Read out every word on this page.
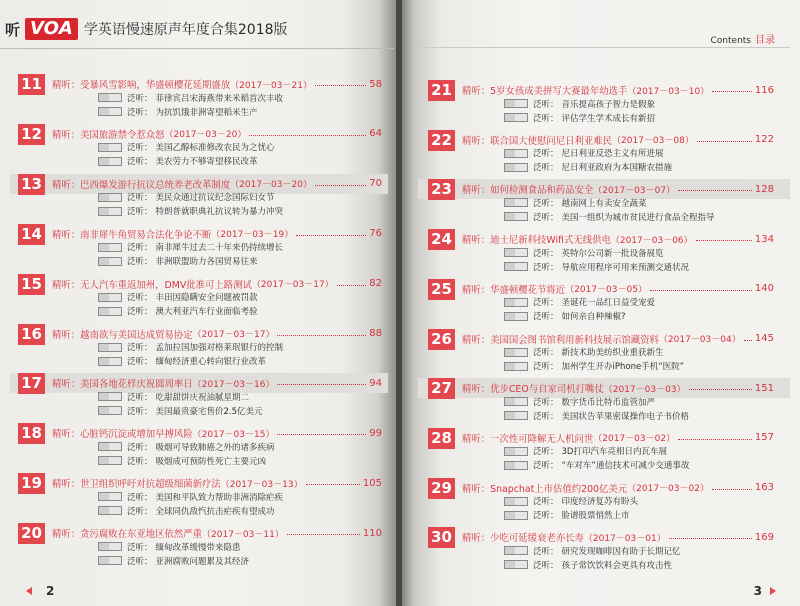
听 VOA 学英语慢速原声年度合集2018版
2
11	精听： 受暴风雪影响，华盛顿樱花延期盛放 （2017－03－21）	58
泛听： 菲律宾吕宋海燕带来米稻首次丰收
泛听： 为抗饥饿非洲寄望稻米生产
12	精听： 美国旅游禁令惹众怒 （2017－03－20）	64
泛听： 美国乙醇标准修改农民为之忧心
泛听： 美农劳力不够寄望移民改革
13	精听： 巴西爆发游行抗议总统养老改革制度 （2017－03－20）	70
泛听： 美民众通过抗议纪念国际妇女节
泛听： 特朗普就职典礼抗议转为暴力冲突
14	精听： 南非犀牛角贸易合法化争论不断 （2017－03－19）	76
泛听： 南非犀牛过去二十年来仍持续增长
泛听： 非洲联盟助力各国贸易往来
15	精听： 无人汽车重返加州，DMV批准可上路测试 （2017－03－17）	82
泛听： 丰田因隐瞒安全问题被罚款
泛听： 澳大利亚汽车行业面临考验
16	精听： 越南欲与美国达成贸易协定 （2017－03－17）	88
泛听： 孟加拉国加强对格莱珉银行的控制
泛听： 缅甸经济重心转向银行业改革
17	精听： 美国各地花样庆祝圆周率日 （2017－03－16）	94
泛听： 吃甜甜饼庆祝油腻星期二
泛听： 美国最贵豪宅售价2.5亿美元
18	精听： 心脏钙沉淀或增加早搏风险 （2017－03－15）	99
泛听： 吸烟可导致肺癌之外的诸多疾病
泛听： 吸烟成可预防性死亡主要元凶
19	精听： 世卫组织呼吁对抗超级细菌新疗法 （2017－03－13）	105
泛听： 美国和平队致力帮助非洲消除疟疾
泛听： 全球同仇敌忾抗击疟疾有望成功
20	精听： 贪污腐败在东亚地区依然严重 （2017－03－11）	110
泛听： 缅甸改革缓慢带来隐患
泛听： 亚洲腐败问题累及其经济
Contents 目录
3
21	精听： 5岁女孩成美拼写大赛最年幼选手 （2017－03－10）	116
泛听： 音乐提高孩子智力是假象
泛听： 评估学生学术成长有新招
22	精听： 联合国大使慰问尼日利亚难民 （2017－03－08）	122
泛听： 尼日利亚反恐主义有所进展
泛听： 尼日利亚政府为本国糖农措施
23	精听： 如何检测食品和药品安全 （2017－03－07）	128
泛听： 越南网上有卖安全蔬菜
泛听： 美国一组织为城市贫民进行食品全程指导
24	精听： 迪士尼新科技Wifi式无线供电 （2017－03－06）	134
泛听： 英特尔公司新一批设备展览
泛听： 导航应用程序可用来预测交通状况
25	精听： 华盛顿樱花节将近 （2017－03－05）	140
泛听： 圣诞花一品红日益受宠爱
泛听： 如何亲自种辣椒?
26	精听： 美国国会图书馆利用新科技展示馆藏资料 （2017－03－04） 145
泛听： 新技术助美纺织业重获新生
泛听： 加州学生开办iPhone手机“医院”
27	精听： 优步CEO与自家司机打嘴仗 （2017－03－03）	151
泛听： 数字货币比特币监管加严
泛听： 美国状告苹果密谋操作电子书价格
28	精听： 一次性可降解无人机问世 （2017－03－02）	157
泛听： 3D打印汽车亮相日内瓦车展
泛听： “车对车”通信技术可减少交通事故
29	精听： Snapchat上市估值约200亿美元 （2017－03－02）	163
泛听： 印度经济复苏有盼头
泛听： 脸谱股票悄然上市
30	精听： 少吃可延缓衰老亦长寿 （2017－03－01）	169
泛听： 研究发现咖啡因有助于长期记忆
泛听： 孩子常饮饮料会更具有攻击性
